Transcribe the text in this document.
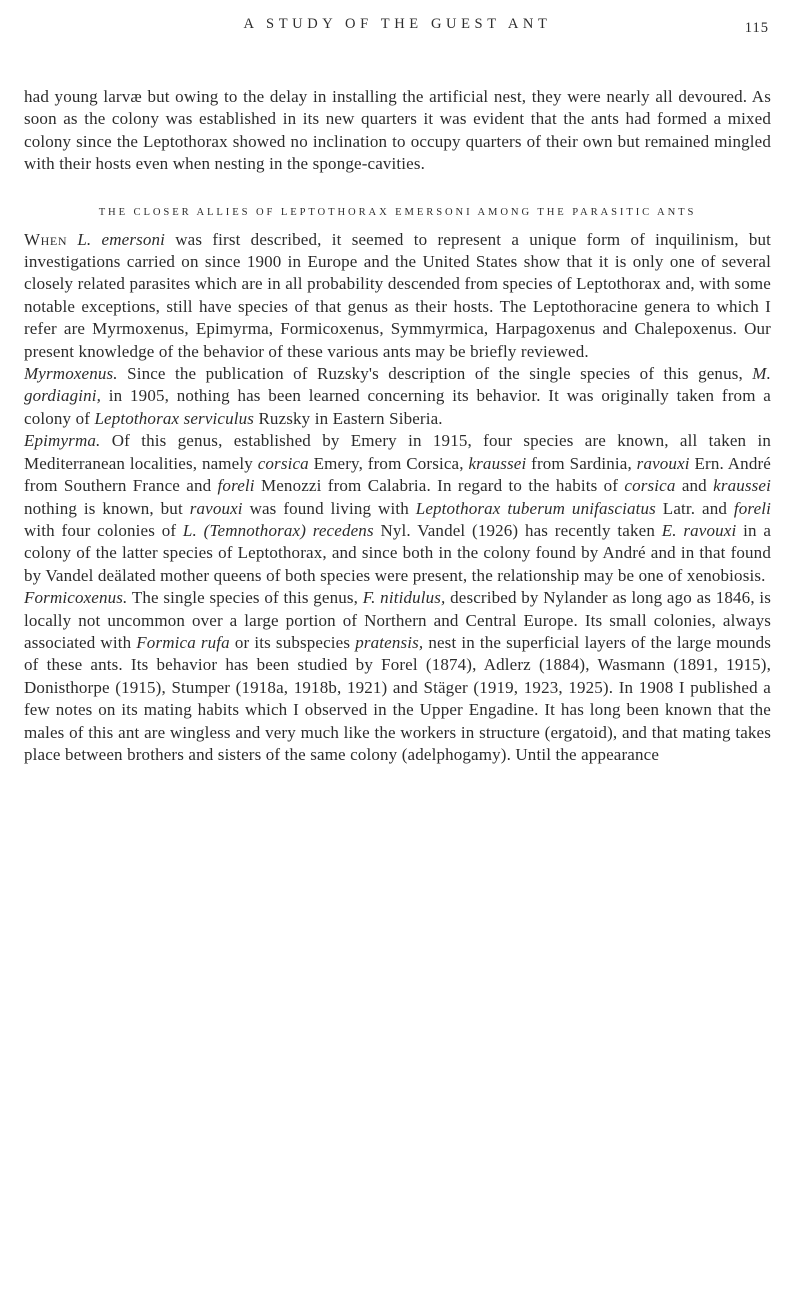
A STUDY OF THE GUEST ANT	115

had young larvæ but owing to the delay in installing the artificial nest, they were nearly all devoured. As soon as the colony was established in its new quarters it was evident that the ants had formed a mixed colony since the Leptothorax showed no inclination to occupy quarters of their own but remained mingled with their hosts even when nesting in the sponge-cavities.

THE CLOSER ALLIES OF LEPTOTHORAX EMERSONI AMONG THE PARASITIC ANTS

When L. emersoni was first described, it seemed to represent a unique form of inquilinism, but investigations carried on since 1900 in Europe and the United States show that it is only one of several closely related parasites which are in all probability descended from species of Leptothorax and, with some notable exceptions, still have species of that genus as their hosts. The Leptothoracine genera to which I refer are Myrmoxenus, Epimyrma, Formicoxenus, Symmyrmica, Harpagoxenus and Chalepoxenus. Our present knowledge of the behavior of these various ants may be briefly reviewed.

Myrmoxenus. Since the publication of Ruzsky's description of the single species of this genus, M. gordiagini, in 1905, nothing has been learned concerning its behavior. It was originally taken from a colony of Leptothorax serviculus Ruzsky in Eastern Siberia.

Epimyrma. Of this genus, established by Emery in 1915, four species are known, all taken in Mediterranean localities, namely corsica Emery, from Corsica, kraussei from Sardinia, ravouxi Ern. André from Southern France and foreli Menozzi from Calabria. In regard to the habits of corsica and kraussei nothing is known, but ravouxi was found living with Leptothorax tuberum unifasciatus Latr. and foreli with four colonies of L. (Temnothorax) recedens Nyl. Vandel (1926) has recently taken E. ravouxi in a colony of the latter species of Leptothorax, and since both in the colony found by André and in that found by Vandel deälated mother queens of both species were present, the relationship may be one of xenobiosis.

Formicoxenus. The single species of this genus, F. nitidulus, described by Nylander as long ago as 1846, is locally not uncommon over a large portion of Northern and Central Europe. Its small colonies, always associated with Formica rufa or its subspecies pratensis, nest in the superficial layers of the large mounds of these ants. Its behavior has been studied by Forel (1874), Adlerz (1884), Wasmann (1891, 1915), Donisthorpe (1915), Stumper (1918a, 1918b, 1921) and Stäger (1919, 1923, 1925). In 1908 I published a few notes on its mating habits which I observed in the Upper Engadine. It has long been known that the males of this ant are wingless and very much like the workers in structure (ergatoid), and that mating takes place between brothers and sisters of the same colony (adelphogamy). Until the appearance
